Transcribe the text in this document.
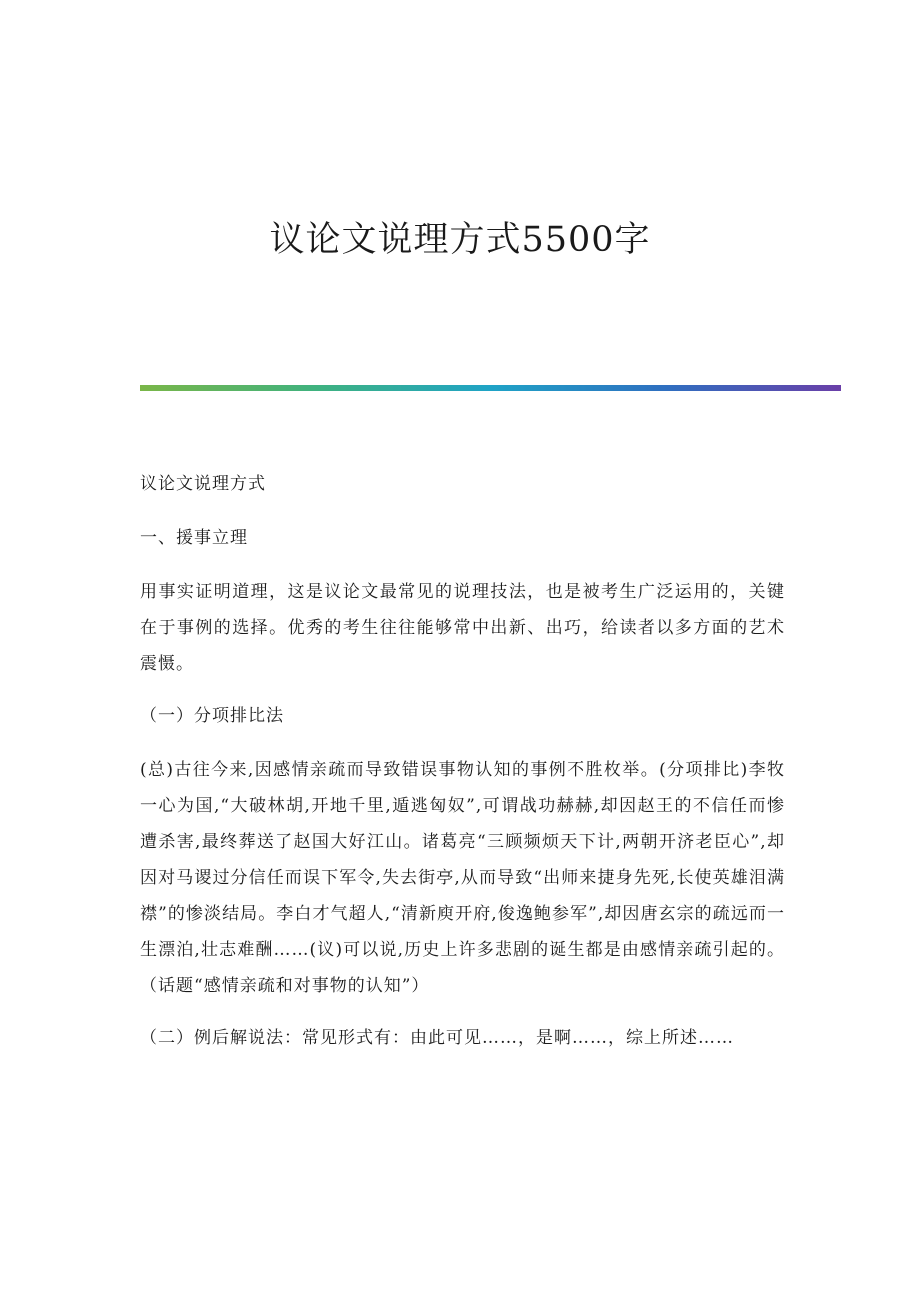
议论文说理方式5500字

议论文说理方式

一、援事立理

用事实证明道理，这是议论文最常见的说理技法，也是被考生广泛运用的，关键在于事例的选择。优秀的考生往往能够常中出新、出巧，给读者以多方面的艺术震慑。

（一）分项排比法

(总)古往今来,因感情亲疏而导致错误事物认知的事例不胜枚举。(分项排比)李牧一心为国,“大破林胡,开地千里,遁逃匈奴”,可谓战功赫赫,却因赵王的不信任而惨遭杀害,最终葬送了赵国大好江山。诸葛亮“三顾频烦天下计,两朝开济老臣心”,却因对马谡过分信任而误下军令,失去街亭,从而导致“出师来捷身先死,长使英雄泪满襟”的惨淡结局。李白才气超人,“清新庾开府,俊逸鲍参军”,却因唐玄宗的疏远而一生漂泊,壮志难酬……(议)可以说,历史上许多悲剧的诞生都是由感情亲疏引起的。（话题“感情亲疏和对事物的认知”）

（二）例后解说法：常见形式有：由此可见……，是啊……，综上所述……
